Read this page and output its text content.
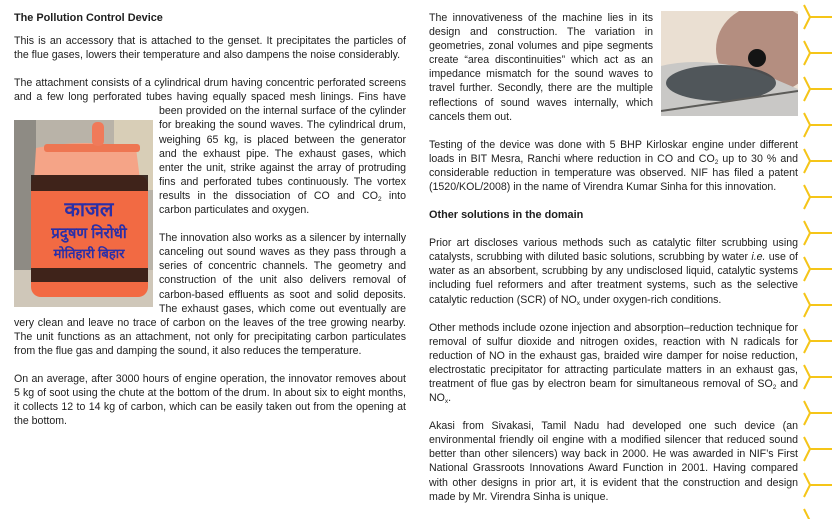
The Pollution Control Device

This is an accessory that is attached to the genset. It precipitates the particles of the flue gases, lowers their temperature and also dampens the noise considerably.

काजल
प्रदुषण निरोधी
मोतिहारी बिहार

The attachment consists of a cylindrical drum having concentric perforated screens and a few long perforated tubes having equally spaced mesh linings. Fins have been provided on the internal surface of the cylinder for breaking the sound waves. The cylindrical drum, weighing 65 kg, is placed between the generator and the exhaust pipe. The exhaust gases, which enter the unit, strike against the array of protruding fins and perforated tubes continuously. The vortex results in the dissociation of CO and $CO_2$ into carbon particulates and oxygen.

The innovation also works as a silencer by internally canceling out sound waves as they pass through a series of concentric channels. The geometry and construction of the unit also delivers removal of carbon-based effluents as soot and solid deposits. The exhaust gases, which come out eventually are very clean and leave no trace of carbon on the leaves of the tree growing nearby. The unit functions as an attachment, not only for precipitating carbon particulates from the flue gas and damping the sound, it also reduces the temperature.

On an average, after 3000 hours of engine operation, the innovator removes about 5 kg of soot using the chute at the bottom of the drum. In about six to eight months, it collects 12 to 14 kg of carbon, which can be easily taken out from the opening at the bottom.

The innovativeness of the machine lies in its design and construction. The variation in geometries, zonal volumes and pipe segments create “area discontinuities” which act as an impedance mismatch for the sound waves to travel further. Secondly, there are the multiple reflections of sound waves internally, which cancels them out.

Testing of the device was done with 5 BHP Kirloskar engine under different loads in BIT Mesra, Ranchi where reduction in CO and $CO_2$ up to 30 % and considerable reduction in temperature was observed. NIF has filed a patent (1520/KOL/2008) in the name of Virendra Kumar Sinha for this innovation.

Other solutions in the domain

Prior art discloses various methods such as catalytic filter scrubbing using catalysts, scrubbing with diluted basic solutions, scrubbing by water i.e. use of water as an absorbent, scrubbing by any undisclosed liquid, catalytic systems including fuel reformers and after treatment systems, such as the selective catalytic reduction (SCR) of $NO_x$ under oxygen-rich conditions.

Other methods include ozone injection and absorption–reduction technique for removal of sulfur dioxide and nitrogen oxides, reaction with N radicals for reduction of NO in the exhaust gas, braided wire damper for noise reduction, electrostatic precipitator for attracting particulate matters in an exhaust gas, treatment of flue gas by electron beam for simultaneous removal of $SO_2$ and $NO_x$.

Akasi from Sivakasi, Tamil Nadu had developed one such device (an environmental friendly oil engine with a modified silencer that reduced sound better than other silencers) way back in 2000. He was awarded in NIF’s First National Grassroots Innovations Award Function in 2001. Having compared with other designs in prior art, it is evident that the construction and design made by Mr. Virendra Sinha is unique.
